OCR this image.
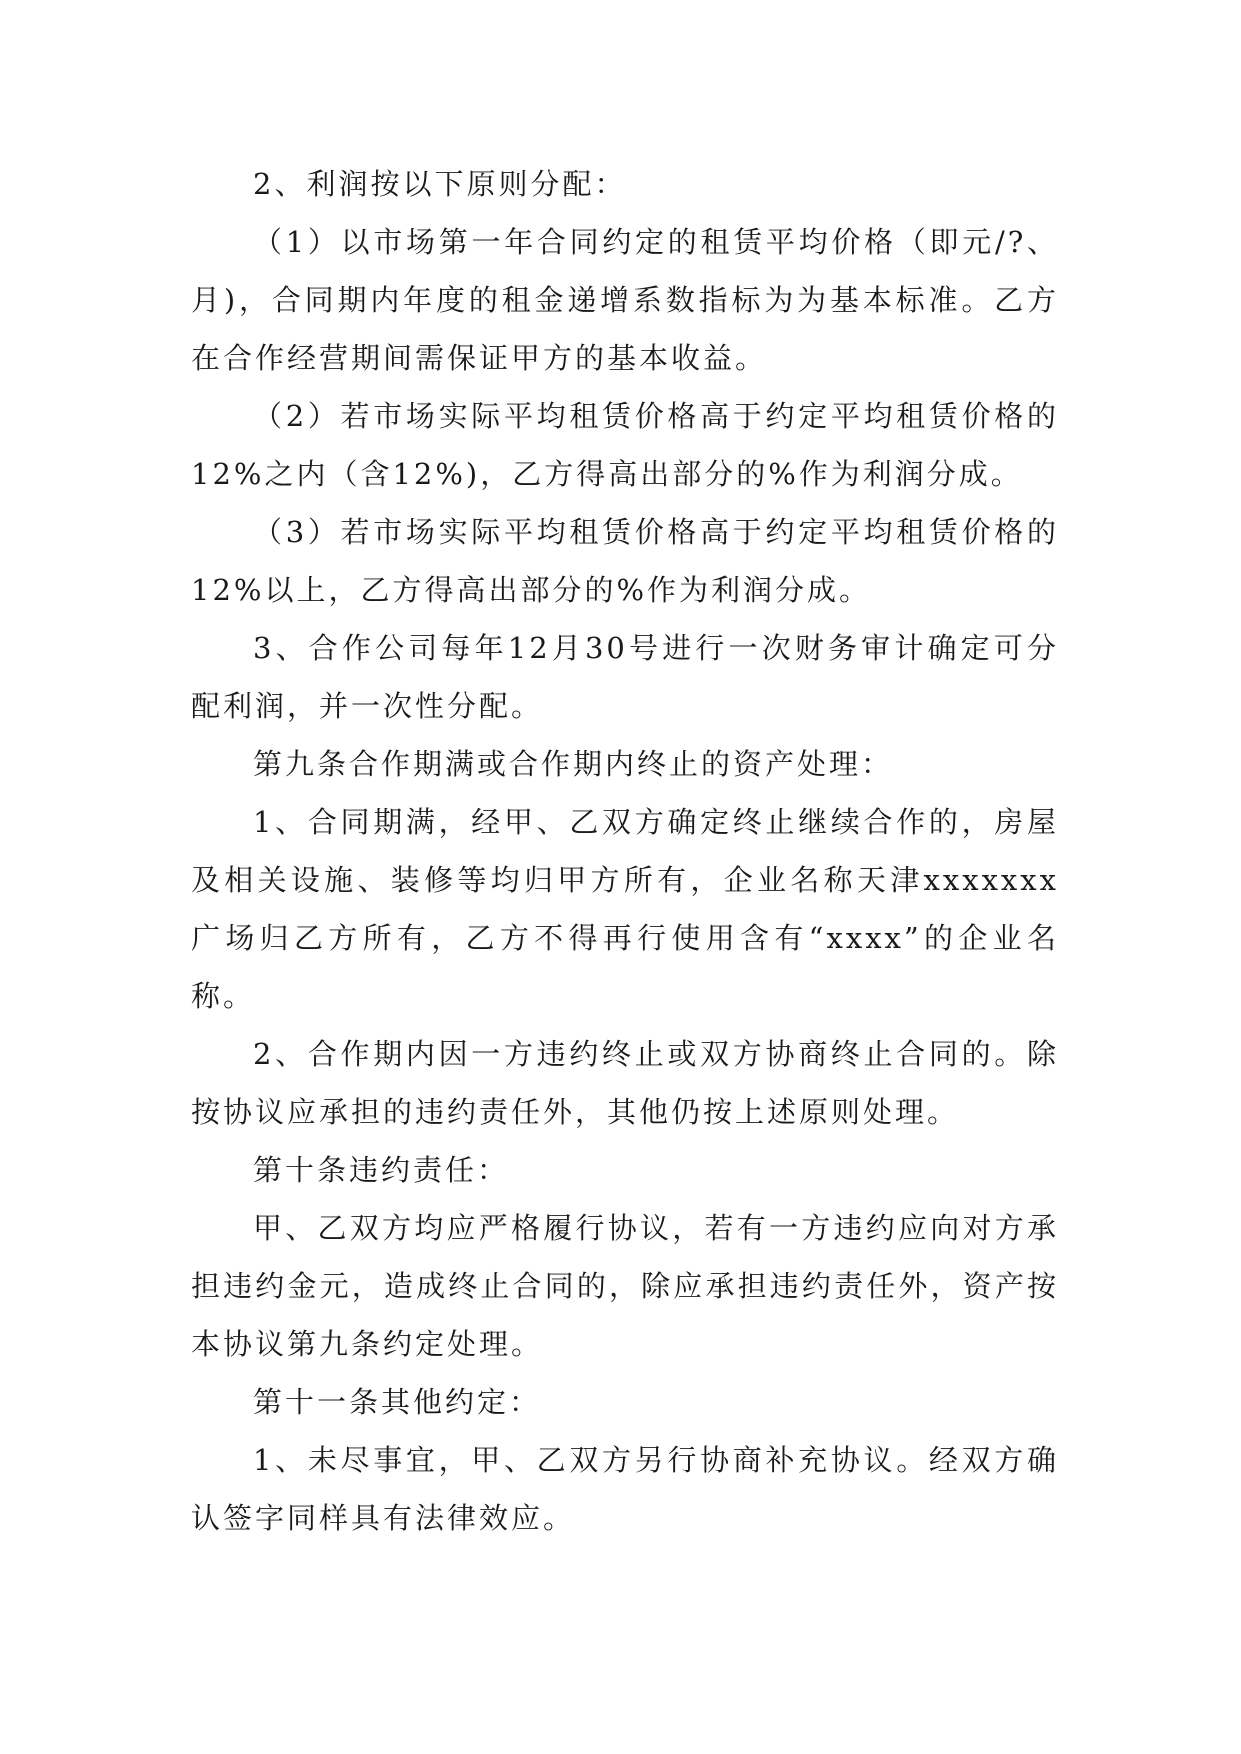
2、利润按以下原则分配：

（1）以市场第一年合同约定的租赁平均价格（即元/?、月)，合同期内年度的租金递增系数指标为为基本标准。乙方在合作经营期间需保证甲方的基本收益。

（2）若市场实际平均租赁价格高于约定平均租赁价格的12%之内（含12%)，乙方得高出部分的%作为利润分成。

（3）若市场实际平均租赁价格高于约定平均租赁价格的12%以上，乙方得高出部分的%作为利润分成。

3、合作公司每年12月30号进行一次财务审计确定可分配利润，并一次性分配。

第九条合作期满或合作期内终止的资产处理：

1、合同期满，经甲、乙双方确定终止继续合作的，房屋及相关设施、装修等均归甲方所有，企业名称天津xxxxxxx广场归乙方所有，乙方不得再行使用含有“xxxx”的企业名称。

2、合作期内因一方违约终止或双方协商终止合同的。除按协议应承担的违约责任外，其他仍按上述原则处理。

第十条违约责任：

甲、乙双方均应严格履行协议，若有一方违约应向对方承担违约金元，造成终止合同的，除应承担违约责任外，资产按本协议第九条约定处理。

第十一条其他约定：

1、未尽事宜，甲、乙双方另行协商补充协议。经双方确认签字同样具有法律效应。
